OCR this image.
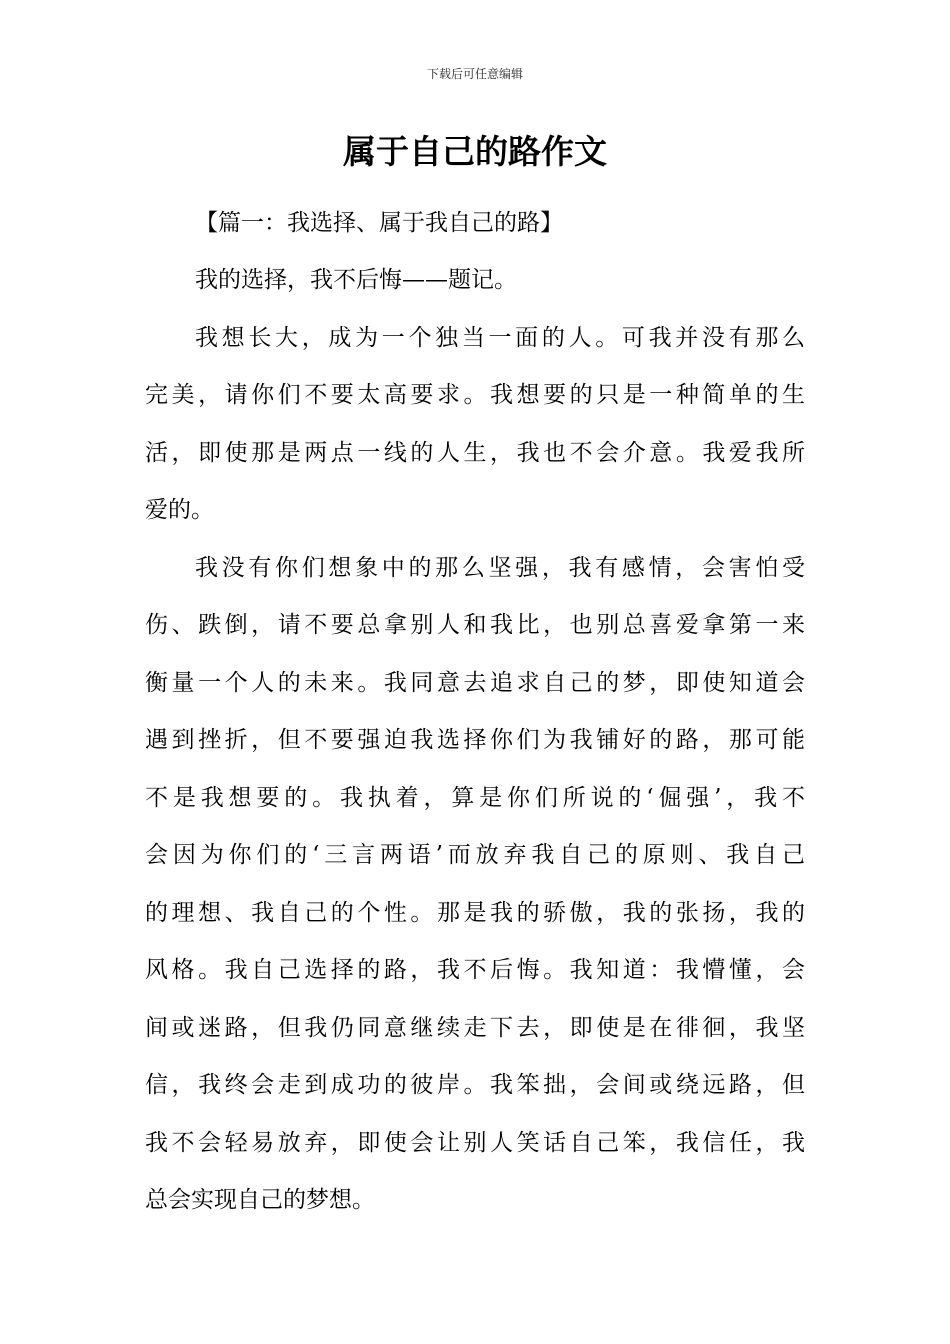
下载后可任意编辑
属于自己的路作文

【篇一：我选择、属于我自己的路】

我的选择，我不后悔——题记。

我想长大，成为一个独当一面的人。可我并没有那么
完美，请你们不要太高要求。我想要的只是一种简单的生
活，即使那是两点一线的人生，我也不会介意。我爱我所
爱的。

我没有你们想象中的那么坚强，我有感情，会害怕受
伤、跌倒，请不要总拿别人和我比，也别总喜爱拿第一来
衡量一个人的未来。我同意去追求自己的梦，即使知道会
遇到挫折，但不要强迫我选择你们为我铺好的路，那可能
不是我想要的。我执着，算是你们所说的‘倔强’，我不
会因为你们的‘三言两语’而放弃我自己的原则、我自己
的理想、我自己的个性。那是我的骄傲，我的张扬，我的
风格。我自己选择的路，我不后悔。我知道：我懵懂，会
间或迷路，但我仍同意继续走下去，即使是在徘徊，我坚
信，我终会走到成功的彼岸。我笨拙，会间或绕远路，但
我不会轻易放弃，即使会让别人笑话自己笨，我信任，我
总会实现自己的梦想。
